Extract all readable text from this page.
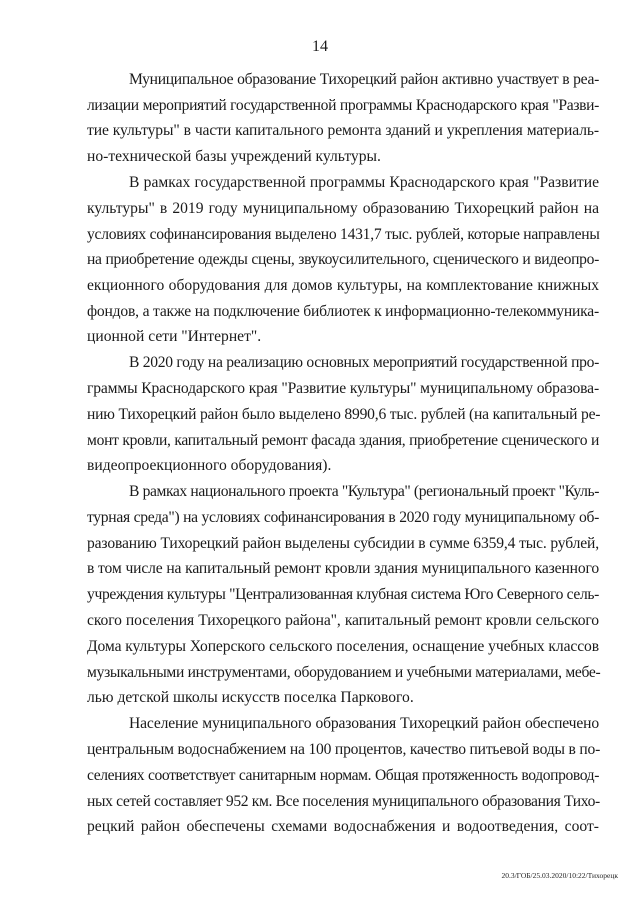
14
Муниципальное образование Тихорецкий район активно участвует в реа-
лизации мероприятий государственной программы Краснодарского края "Разви-
тие культуры" в части капитального ремонта зданий и укрепления материаль-
но-технической базы учреждений культуры.
В рамках государственной программы Краснодарского края "Развитие
культуры" в 2019 году муниципальному образованию Тихорецкий район на
условиях софинансирования выделено 1431,7 тыс. рублей, которые направлены
на приобретение одежды сцены, звукоусилительного, сценического и видеопро-
екционного оборудования для домов культуры, на комплектование книжных
фондов, а также на подключение библиотек к информационно-телекоммуника-
ционной сети "Интернет".
В 2020 году на реализацию основных мероприятий государственной про-
граммы Краснодарского края "Развитие культуры" муниципальному образова-
нию Тихорецкий район было выделено 8990,6 тыс. рублей (на капитальный ре-
монт кровли, капитальный ремонт фасада здания, приобретение сценического и
видеопроекционного оборудования).
В рамках национального проекта "Культура" (региональный проект "Куль-
турная среда") на условиях софинансирования в 2020 году муниципальному об-
разованию Тихорецкий район выделены субсидии в сумме 6359,4 тыс. рублей,
в том числе на капитальный ремонт кровли здания муниципального казенного
учреждения культуры "Централизованная клубная система Юго Северного сель-
ского поселения Тихорецкого района", капитальный ремонт кровли сельского
Дома культуры Хоперского сельского поселения, оснащение учебных классов
музыкальными инструментами, оборудованием и учебными материалами, мебе-
лью детской школы искусств поселка Паркового.
Население муниципального образования Тихорецкий район обеспечено
центральным водоснабжением на 100 процентов, качество питьевой воды в по-
селениях соответствует санитарным нормам. Общая протяженность водопровод-
ных сетей составляет 952 км. Все поселения муниципального образования Тихо-
рецкий район обеспечены схемами водоснабжения и водоотведения, соот-
20.3/ГОБ/25.03.2020/10:22/Тихорецк
